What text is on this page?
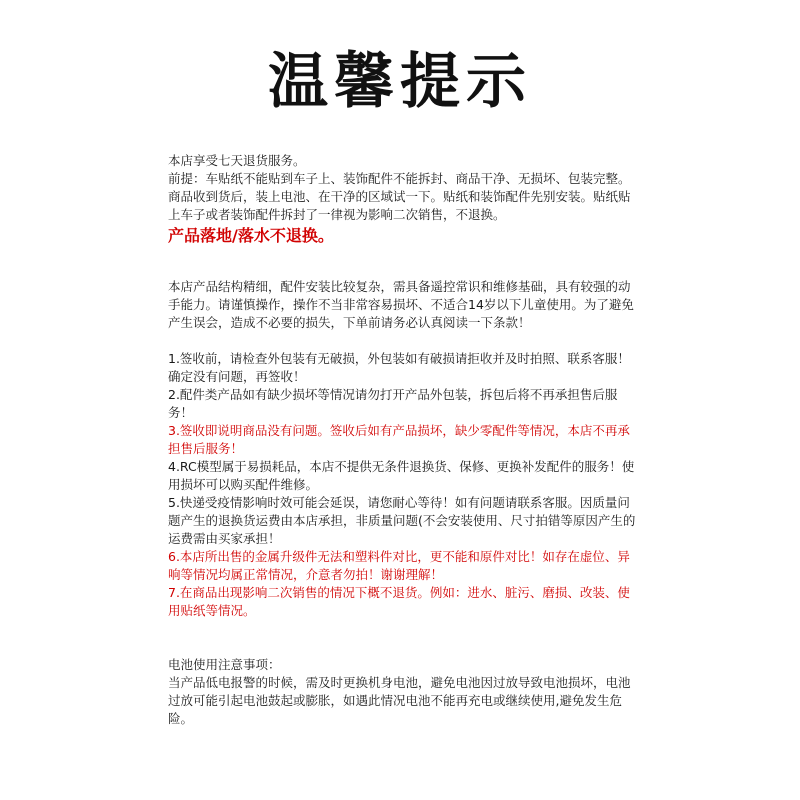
温馨提示

本店享受七天退货服务。

前提：车贴纸不能贴到车子上、装饰配件不能拆封、商品干净、无损坏、包装完整。商品收到货后，装上电池、在干净的区域试一下。贴纸和装饰配件先别安装。贴纸贴上车子或者装饰配件拆封了一律视为影响二次销售，不退换。

产品落地/落水不退换。

本店产品结构精细，配件安装比较复杂，需具备遥控常识和维修基础，具有较强的动手能力。请谨慎操作，操作不当非常容易损坏、不适合14岁以下儿童使用。为了避免产生误会，造成不必要的损失，下单前请务必认真阅读一下条款！

1.签收前，请检查外包装有无破损，外包装如有破损请拒收并及时拍照、联系客服！确定没有问题，再签收！

2.配件类产品如有缺少损坏等情况请勿打开产品外包装，拆包后将不再承担售后服务！

3.签收即说明商品没有问题。签收后如有产品损坏，缺少零配件等情况，本店不再承担售后服务！

4.RC模型属于易损耗品，本店不提供无条件退换货、保修、更换补发配件的服务！使用损坏可以购买配件维修。

5.快递受疫情影响时效可能会延误，请您耐心等待！如有问题请联系客服。因质量问题产生的退换货运费由本店承担，非质量问题(不会安装使用、尺寸拍错等原因产生的运费需由买家承担！

6.本店所出售的金属升级件无法和塑料件对比，更不能和原件对比！如存在虚位、异响等情况均属正常情况，介意者勿拍！谢谢理解！

7.在商品出现影响二次销售的情况下概不退货。例如：进水、脏污、磨损、改装、使用贴纸等情况。

电池使用注意事项：

当产品低电报警的时候，需及时更换机身电池，避免电池因过放导致电池损坏，电池过放可能引起电池鼓起或膨胀，如遇此情况电池不能再充电或继续使用,避免发生危险。
